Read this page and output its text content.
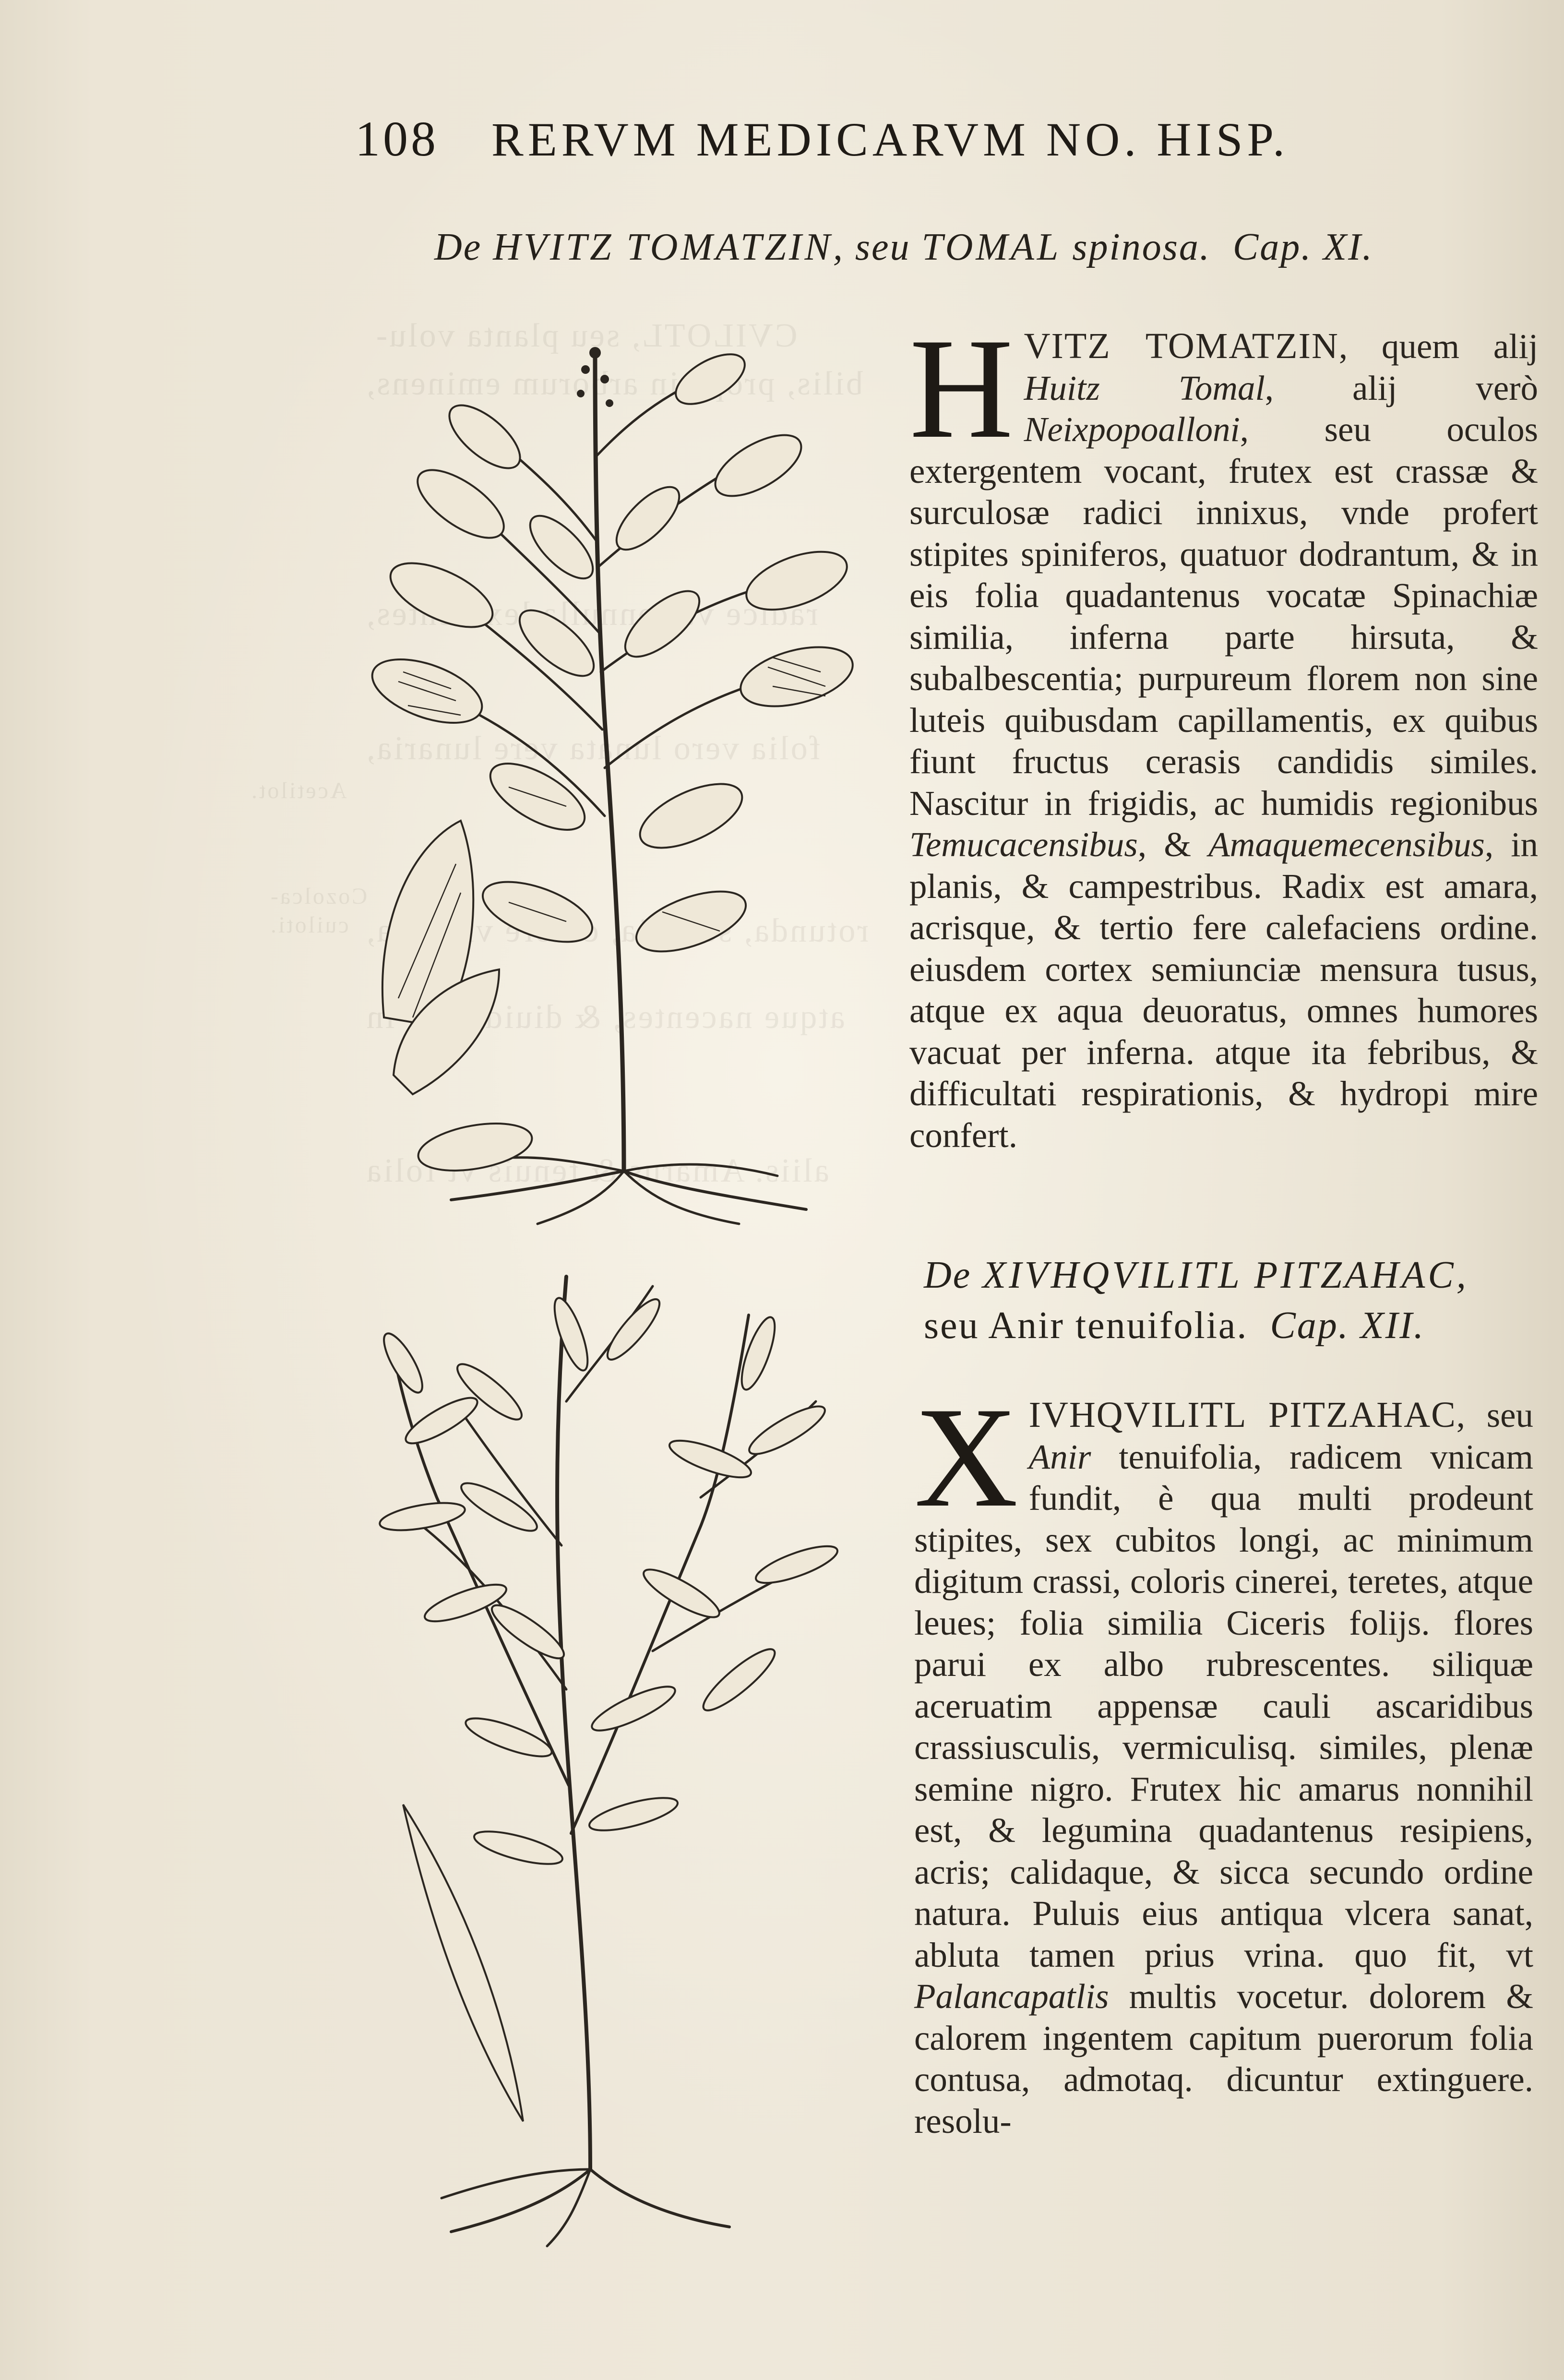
CVILOTL, seu planta volu-
bilis, prope in arborum eminens,
radice vt nonnulla lexidentes,
folia vero lunata vere lunaria,
rotunda, sessilia, colore virentia,
atque nacentes, & diuidentur in
aliis. Amarus & tenuis vt folia
Acetilot.
Cozolca-
cuiloti.
108 RERVM MEDICARVM NO. HISP.
De HVITZ TOMATZIN, seu TOMAL spinosa. Cap. XI.
HVITZ TOMATZIN, quem alij Huitz Tomal, alij verò Neixpopoalloni, seu oculos extergentem vocant, frutex est crassæ & surculosæ radici innixus, vnde profert stipites spiniferos, quatuor dodrantum, & in eis folia quadantenus vocatæ Spinachiæ similia, inferna parte hirsuta, & subalbescentia; purpureum florem non sine luteis quibusdam capillamentis, ex quibus fiunt fructus cerasis candidis similes. Nascitur in frigidis, ac humidis regionibus Temucacensibus, & Amaquemecensibus, in planis, & campestribus. Radix est amara, acrisque, & tertio fere calefaciens ordine. eiusdem cortex semiunciæ mensura tusus, atque ex aqua deuoratus, omnes humores vacuat per inferna. atque ita febribus, & difficultati respirationis, & hydropi mire confert.
De XIVHQVILITL PITZAHAC,
seu Anir tenuifolia. Cap. XII.
XIVHQVILITL PITZAHAC, seu Anir tenuifolia, radicem vnicam fundit, è qua multi prodeunt stipites, sex cubitos longi, ac minimum digitum crassi, coloris cinerei, teretes, atque leues; folia similia Ciceris folijs. flores parui ex albo rubrescentes. siliquæ aceruatim appensæ cauli ascaridibus crassiusculis, vermiculisq. similes, plenæ semine nigro. Frutex hic amarus nonnihil est, & legumina quadantenus resipiens, acris; calidaque, & sicca secundo ordine natura. Puluis eius antiqua vlcera sanat, abluta tamen prius vrina. quo fit, vt Palancapatlis multis vocetur. dolorem & calorem ingentem capitum puerorum folia contusa, admotaq. dicuntur extinguere. resolu-
